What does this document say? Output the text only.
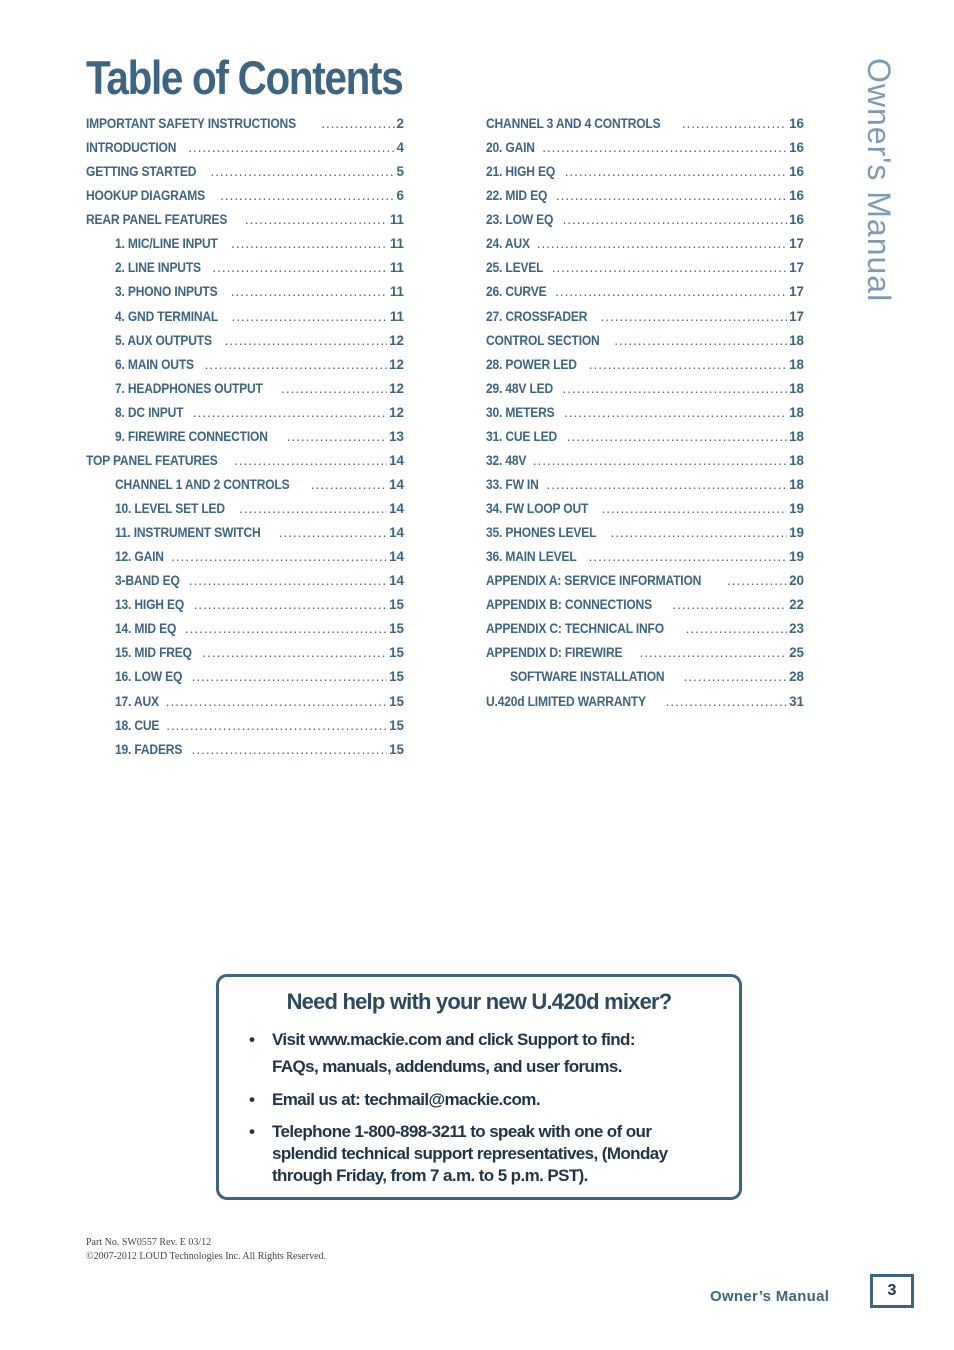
Table of Contents	Owner's Manual
IMPORTANT SAFETY INSTRUCTIONS .....	2
INTRODUCTION .....	4
GETTING STARTED .....	5
HOOKUP DIAGRAMS .....	6
REAR PANEL FEATURES .....	11
1. MIC/LINE INPUT .....	11
2. LINE INPUTS .....	11
3. PHONO INPUTS .....	11
4. GND TERMINAL .....	11
5. AUX OUTPUTS .....	12
6. MAIN OUTS .....	12
7. HEADPHONES OUTPUT .....	12
8. DC INPUT .....	12
9. FIREWIRE CONNECTION .....	13
TOP PANEL FEATURES .....	14
CHANNEL 1 AND 2 CONTROLS .....	14
10. LEVEL SET LED .....	14
11. INSTRUMENT SWITCH .....	14
12. GAIN .....	14
3-BAND EQ .....	14
13. HIGH EQ .....	15
14. MID EQ .....	15
15. MID FREQ .....	15
16. LOW EQ .....	15
17. AUX .....	15
18. CUE .....	15
19. FADERS .....	15
CHANNEL 3 AND 4 CONTROLS .....	16
20. GAIN .....	16
21. HIGH EQ .....	16
22. MID EQ .....	16
23. LOW EQ .....	16
24. AUX .....	17
25. LEVEL .....	17
26. CURVE .....	17
27. CROSSFADER .....	17
CONTROL SECTION .....	18
28. POWER LED .....	18
29. 48V LED .....	18
30. METERS .....	18
31. CUE LED .....	18
32. 48V .....	18
33. FW IN .....	18
34. FW LOOP OUT .....	19
35. PHONES LEVEL .....	19
36. MAIN LEVEL .....	19
APPENDIX A: SERVICE INFORMATION .....	20
APPENDIX B: CONNECTIONS .....	22
APPENDIX C: TECHNICAL INFO .....	23
APPENDIX D: FIREWIRE .....	25
SOFTWARE INSTALLATION .....	28
U.420d LIMITED WARRANTY .....	31
Need help with your new U.420d mixer?
• Visit www.mackie.com and click Support to find:
FAQs, manuals, addendums, and user forums.
• Email us at: techmail@mackie.com.
• Telephone 1-800-898-3211 to speak with one of our splendid technical support representatives, (Monday through Friday, from 7 a.m. to 5 p.m. PST).
Part No. SW0557 Rev. E 03/12
©2007-2012 LOUD Technologies Inc. All Rights Reserved.
Owner’s Manual	3
